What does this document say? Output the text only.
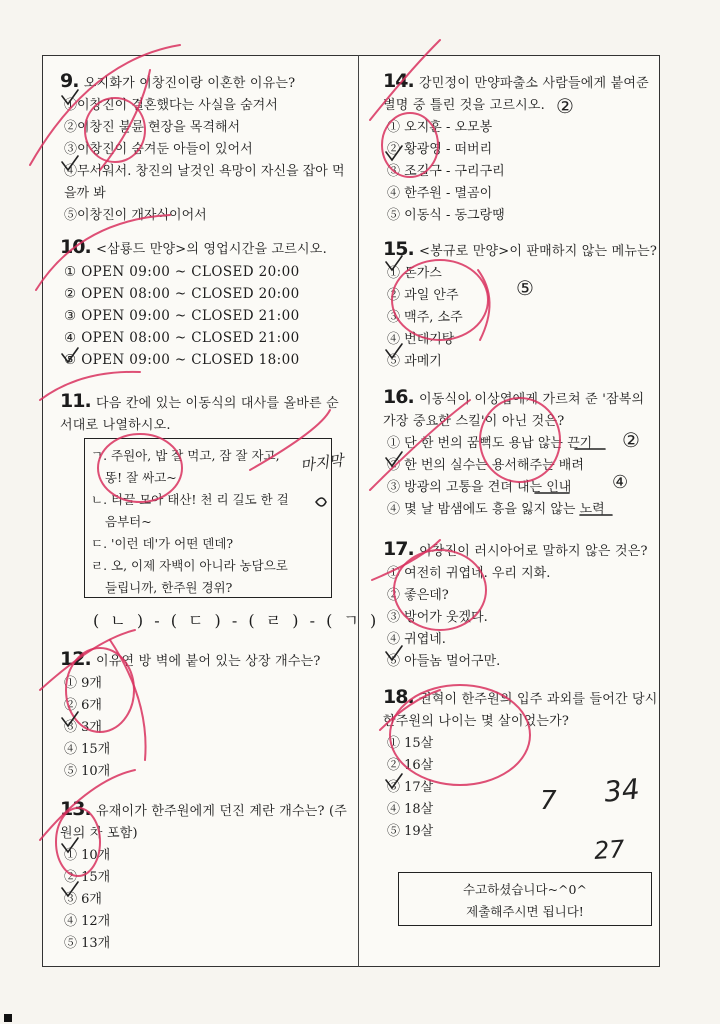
9. 오지화가 이창진이랑 이혼한 이유는?
①이창진이 결혼했다는 사실을 숨겨서
②이창진 불륜 현장을 목격해서
③이창진이 숨겨둔 아들이 있어서
④무서워서. 창진의 날것인 욕망이 자신을 잡아 먹을까 봐
⑤이창진이 개자식이어서
10. <삼룡드 만양>의 영업시간을 고르시오.
① OPEN 09:00 ~ CLOSED 20:00
② OPEN 08:00 ~ CLOSED 20:00
③ OPEN 09:00 ~ CLOSED 21:00
④ OPEN 08:00 ~ CLOSED 21:00
⑤ OPEN 09:00 ~ CLOSED 18:00
11. 다음 칸에 있는 이동식의 대사를 올바른 순서대로 나열하시오.
ㄱ. 주원아, 밥 잘 먹고, 잠 잘 자고,
똥! 잘 싸고~
ㄴ. 티끌 모아 태산! 천 리 길도 한 걸
음부터~
ㄷ. '이런 데'가 어떤 덴데?
ㄹ. 오, 이제 자백이 아니라 농담으로
들립니까, 한주원 경위?
( ㄴ ) - ( ㄷ ) - ( ㄹ ) - ( ㄱ )
12. 이유연 방 벽에 붙어 있는 상장 개수는?
① 9개
② 6개
③ 3개
④ 15개
⑤ 10개
13. 유재이가 한주원에게 던진 계란 개수는? (주원의 차 포함)
① 10개
② 15개
③ 6개
④ 12개
⑤ 13개
14. 강민정이 만양파출소 사람들에게 붙여준 별명 중 틀린 것을 고르시오.
① 오지훈 - 오모봉
② 황광영 - 떠버리
③ 조길구 - 구리구리
④ 한주원 - 멸곰이
⑤ 이동식 - 동그랑땡
15. <봉규로 만양>이 판매하지 않는 메뉴는?
① 돈가스
② 과일 안주
③ 맥주, 소주
④ 번데기탕
⑤ 과메기
16. 이동식이 이상엽에게 가르쳐 준 '잠복의 가장 중요한 스킬'이 아닌 것은?
① 단 한 번의 꿈뻑도 용납 않는 끈기
② 한 번의 실수는 용서해주는 배려
③ 방광의 고통을 견뎌 내는 인내
④ 몇 날 밤샘에도 흥을 잃지 않는 노력
17. 이창진이 러시아어로 말하지 않은 것은?
① 여전히 귀엽네. 우리 지화.
② 좋은데?
③ 방어가 웃겠다.
④ 귀엽네.
⑤ 아들놈 멀어구만.
18. 권혁이 한주원의 입주 과외를 들어간 당시 한주원의 나이는 몇 살이었는가?
① 15살
② 16살
③ 17살
④ 18살
⑤ 19살
수고하셨습니다~^0^
제출해주시면 됩니다!
마지막
②
⑤
②
④
34
27
7
